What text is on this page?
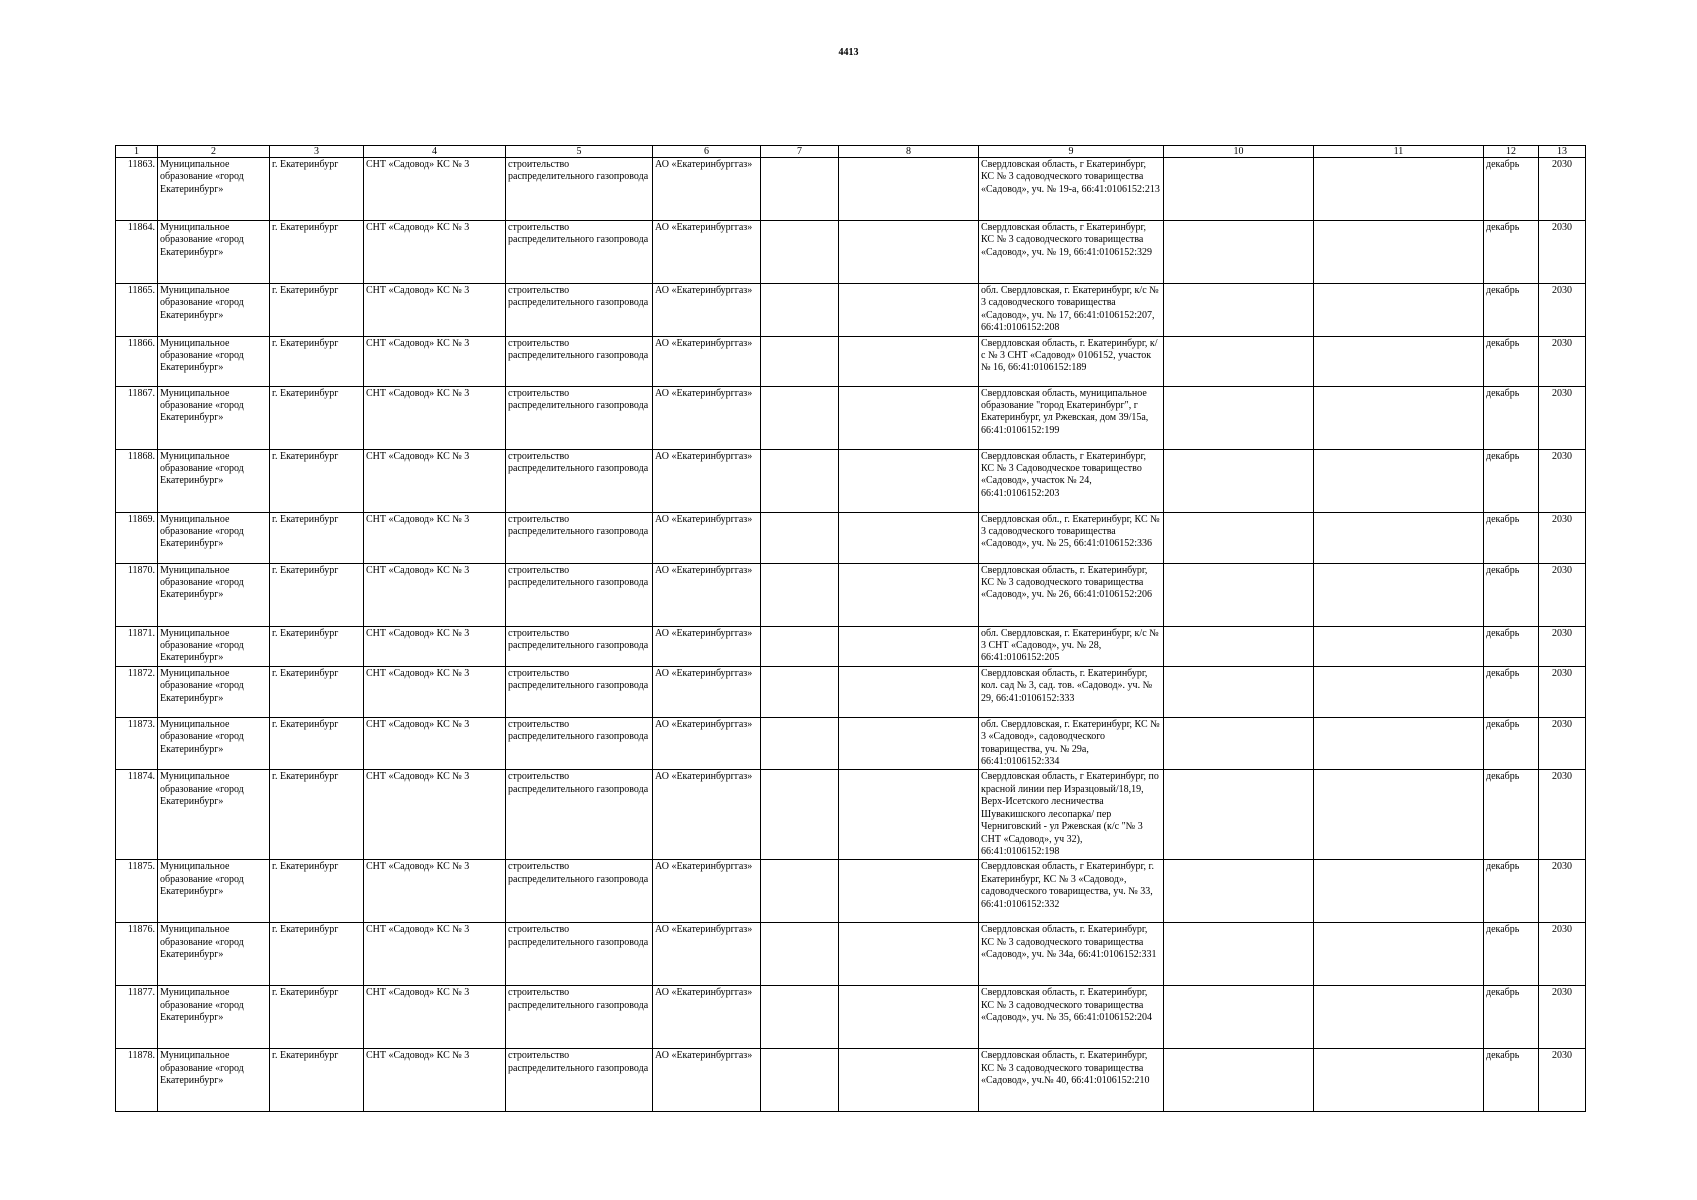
4413
1	2	3	4	5	6	7	8	9	10	11	12	13
11863.	Муниципальное образование «город Екатеринбург»	г. Екатеринбург	СНТ «Садовод» КС № 3	строительство распределительного газопровода	АО «Екатеринбурггаз»			Свердловская область, г Екатеринбург, КС № 3 садоводческого товарищества «Садовод», уч. № 19-а, 66:41:0106152:213			декабрь	2030
11864.	Муниципальное образование «город Екатеринбург»	г. Екатеринбург	СНТ «Садовод» КС № 3	строительство распределительного газопровода	АО «Екатеринбурггаз»			Свердловская область, г Екатеринбург, КС № 3 садоводческого товарищества «Садовод», уч. № 19, 66:41:0106152:329			декабрь	2030
11865.	Муниципальное образование «город Екатеринбург»	г. Екатеринбург	СНТ «Садовод» КС № 3	строительство распределительного газопровода	АО «Екатеринбурггаз»			обл. Свердловская, г. Екатеринбург, к/с № 3 садоводческого товарищества «Садовод», уч. № 17, 66:41:0106152:207, 66:41:0106152:208			декабрь	2030
11866.	Муниципальное образование «город Екатеринбург»	г. Екатеринбург	СНТ «Садовод» КС № 3	строительство распределительного газопровода	АО «Екатеринбурггаз»			Свердловская область, г. Екатеринбург, к/с № 3 СНТ «Садовод» 0106152, участок № 16, 66:41:0106152:189			декабрь	2030
11867.	Муниципальное образование «город Екатеринбург»	г. Екатеринбург	СНТ «Садовод» КС № 3	строительство распределительного газопровода	АО «Екатеринбурггаз»			Свердловская область, муниципальное образование "город Екатеринбург", г Екатеринбург, ул Ржевская, дом 39/15а, 66:41:0106152:199			декабрь	2030
11868.	Муниципальное образование «город Екатеринбург»	г. Екатеринбург	СНТ «Садовод» КС № 3	строительство распределительного газопровода	АО «Екатеринбурггаз»			Свердловская область, г Екатеринбург, КС № 3 Садоводческое товарищество «Садовод», участок № 24, 66:41:0106152:203			декабрь	2030
11869.	Муниципальное образование «город Екатеринбург»	г. Екатеринбург	СНТ «Садовод» КС № 3	строительство распределительного газопровода	АО «Екатеринбурггаз»			Свердловская обл., г. Екатеринбург, КС № 3 садоводческого товарищества «Садовод», уч. № 25, 66:41:0106152:336			декабрь	2030
11870.	Муниципальное образование «город Екатеринбург»	г. Екатеринбург	СНТ «Садовод» КС № 3	строительство распределительного газопровода	АО «Екатеринбурггаз»			Свердловская область, г. Екатеринбург, КС № 3 садоводческого товарищества «Садовод», уч. № 26, 66:41:0106152:206			декабрь	2030
11871.	Муниципальное образование «город Екатеринбург»	г. Екатеринбург	СНТ «Садовод» КС № 3	строительство распределительного газопровода	АО «Екатеринбурггаз»			обл. Свердловская, г. Екатеринбург, к/с № 3 СНТ «Садовод», уч. № 28, 66:41:0106152:205			декабрь	2030
11872.	Муниципальное образование «город Екатеринбург»	г. Екатеринбург	СНТ «Садовод» КС № 3	строительство распределительного газопровода	АО «Екатеринбурггаз»			Свердловская область, г. Екатеринбург, кол. сад № 3, сад. тов. «Садовод». уч. № 29, 66:41:0106152:333			декабрь	2030
11873.	Муниципальное образование «город Екатеринбург»	г. Екатеринбург	СНТ «Садовод» КС № 3	строительство распределительного газопровода	АО «Екатеринбурггаз»			обл. Свердловская, г. Екатеринбург, КС № 3 «Садовод», садоводческого товарищества, уч. № 29а, 66:41:0106152:334			декабрь	2030
11874.	Муниципальное образование «город Екатеринбург»	г. Екатеринбург	СНТ «Садовод» КС № 3	строительство распределительного газопровода	АО «Екатеринбурггаз»			Свердловская область, г Екатеринбург, по красной линии пер Изразцовый/18,19, Верх-Исетского лесничества Шувакишского лесопарка/ пер Черниговский - ул Ржевская (к/с "№ 3 СНТ «Садовод», уч 32), 66:41:0106152:198			декабрь	2030
11875.	Муниципальное образование «город Екатеринбург»	г. Екатеринбург	СНТ «Садовод» КС № 3	строительство распределительного газопровода	АО «Екатеринбурггаз»			Свердловская область, г Екатеринбург, г. Екатеринбург, КС № 3 «Садовод», садоводческого товарищества, уч. № 33, 66:41:0106152:332			декабрь	2030
11876.	Муниципальное образование «город Екатеринбург»	г. Екатеринбург	СНТ «Садовод» КС № 3	строительство распределительного газопровода	АО «Екатеринбурггаз»			Свердловская область, г. Екатеринбург, КС № 3 садоводческого товарищества «Садовод», уч. № 34а, 66:41:0106152:331			декабрь	2030
11877.	Муниципальное образование «город Екатеринбург»	г. Екатеринбург	СНТ «Садовод» КС № 3	строительство распределительного газопровода	АО «Екатеринбурггаз»			Свердловская область, г. Екатеринбург, КС № 3 садоводческого товарищества «Садовод», уч. № 35, 66:41:0106152:204			декабрь	2030
11878.	Муниципальное образование «город Екатеринбург»	г. Екатеринбург	СНТ «Садовод» КС № 3	строительство распределительного газопровода	АО «Екатеринбурггаз»			Свердловская область, г. Екатеринбург, КС № 3 садоводческого товарищества «Садовод», уч.№ 40, 66:41:0106152:210			декабрь	2030
